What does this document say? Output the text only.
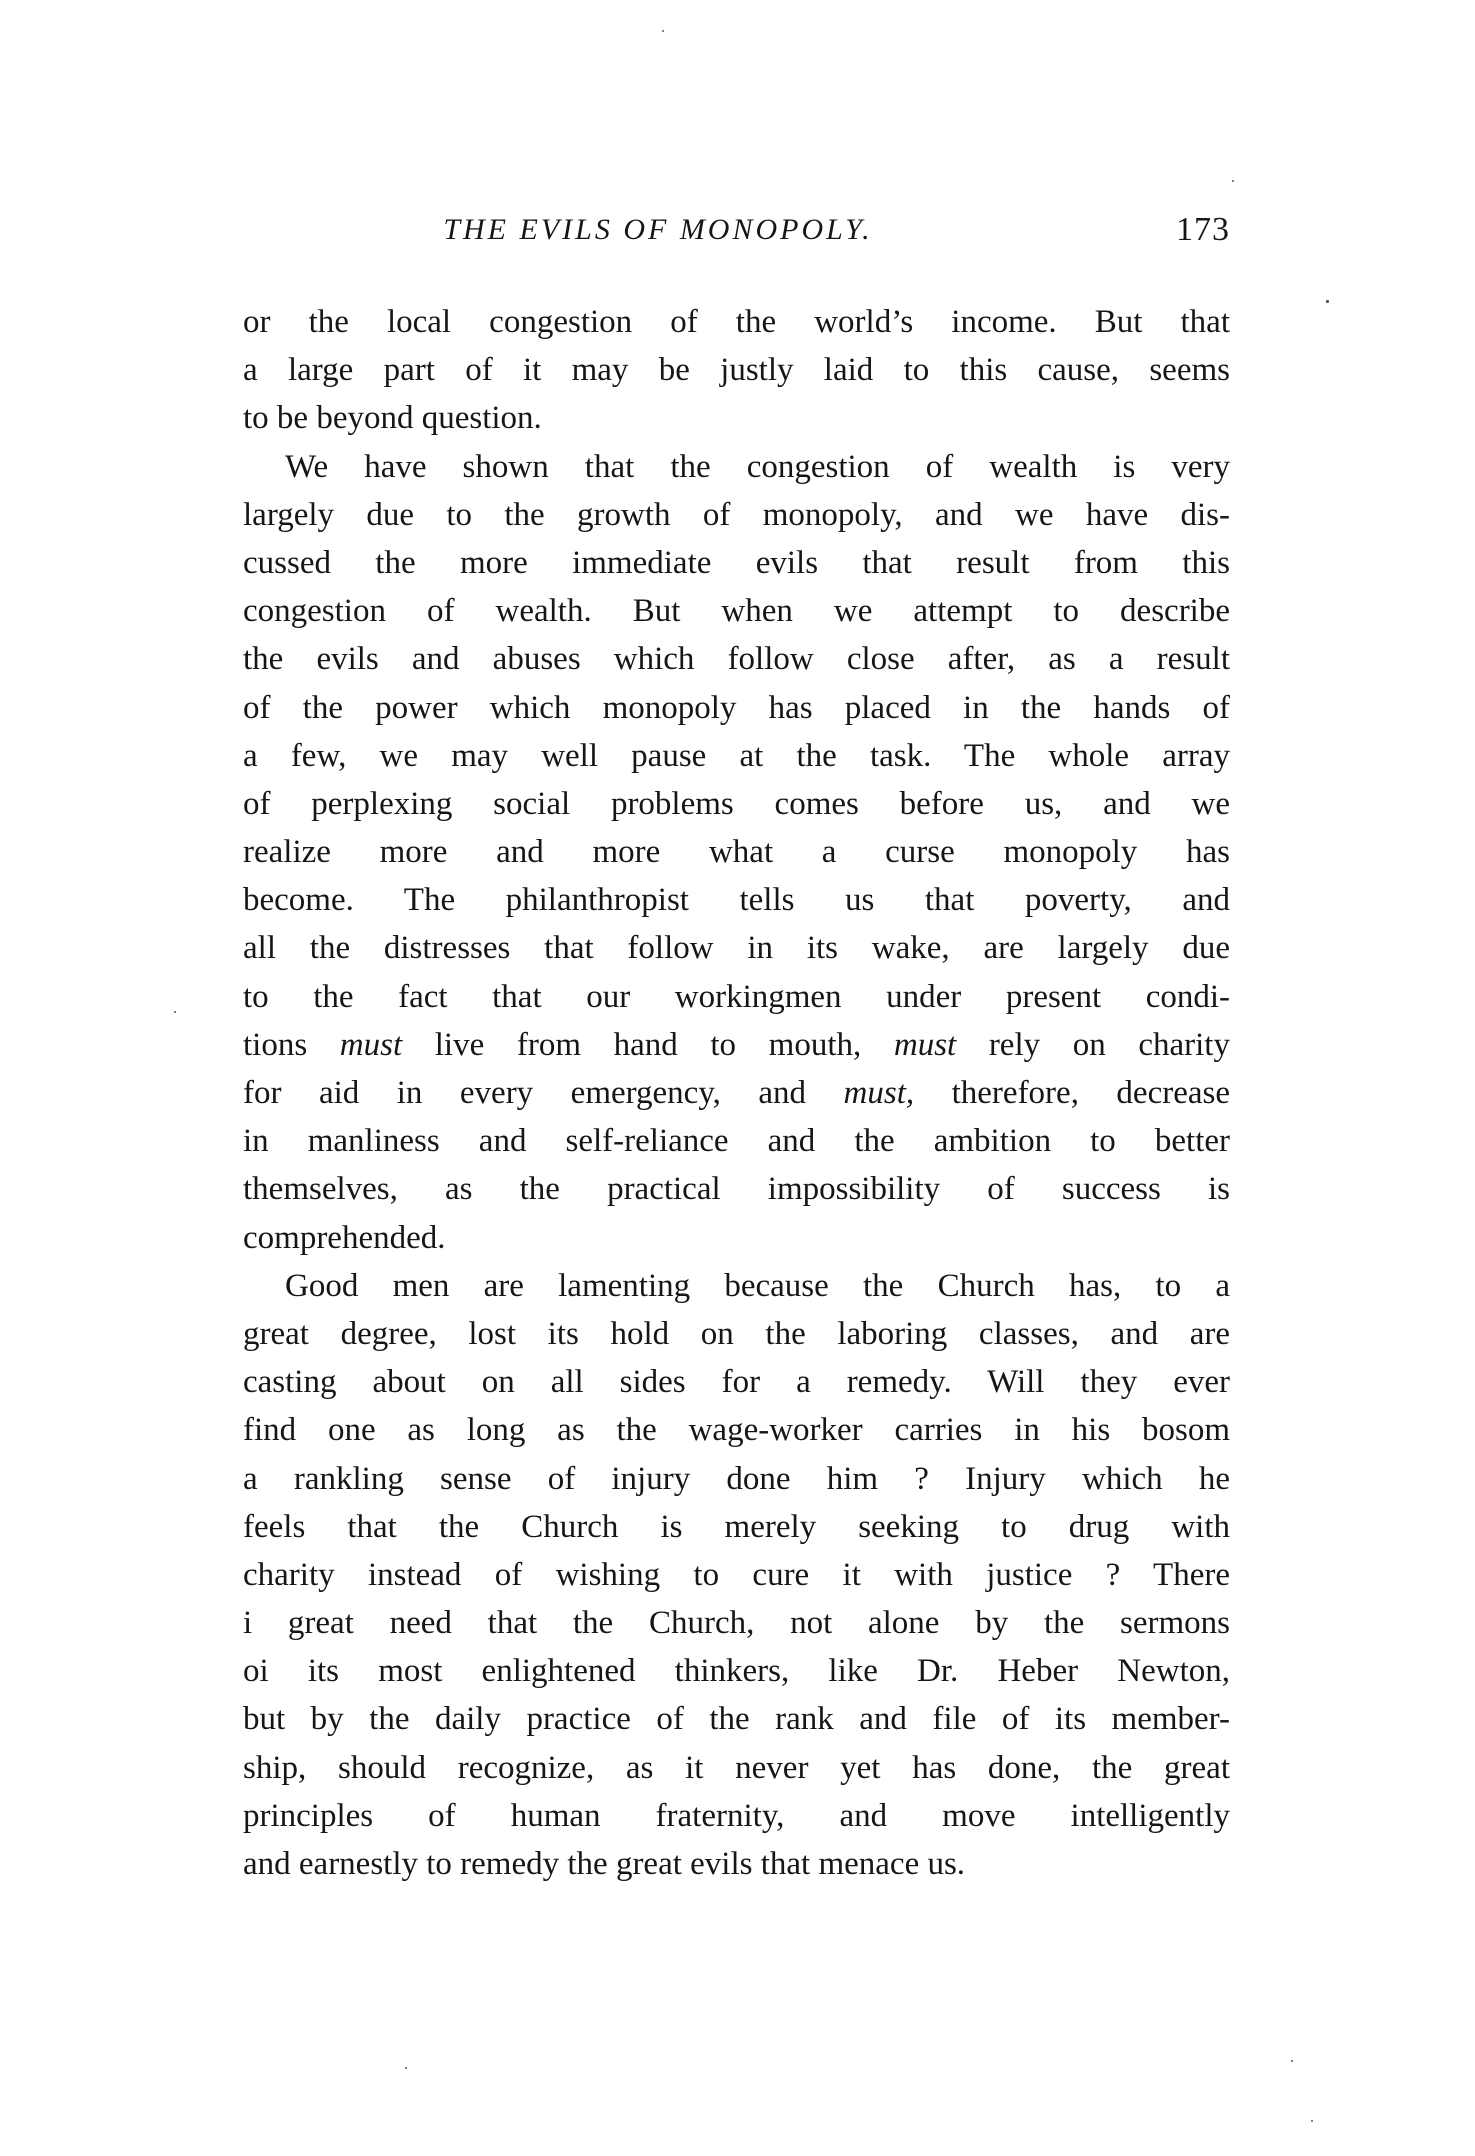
THE EVILS OF MONOPOLY.	173
or the local congestion of the world’s income. But that
a large part of it may be justly laid to this cause, seems
to be beyond question.
We have shown that the congestion of wealth is very
largely due to the growth of monopoly, and we have dis-
cussed the more immediate evils that result from this
congestion of wealth. But when we attempt to describe
the evils and abuses which follow close after, as a result
of the power which monopoly has placed in the hands of
a few, we may well pause at the task. The whole array
of perplexing social problems comes before us, and we
realize more and more what a curse monopoly has
become. The philanthropist tells us that poverty, and
all the distresses that follow in its wake, are largely due
to the fact that our workingmen under present condi-
tions must live from hand to mouth, must rely on charity
for aid in every emergency, and must, therefore, decrease
in manliness and self-reliance and the ambition to better
themselves, as the practical impossibility of success is
comprehended.
Good men are lamenting because the Church has, to a
great degree, lost its hold on the laboring classes, and are
casting about on all sides for a remedy. Will they ever
find one as long as the wage-worker carries in his bosom
a rankling sense of injury done him ? Injury which he
feels that the Church is merely seeking to drug with
charity instead of wishing to cure it with justice ? There
i great need that the Church, not alone by the sermons
oi its most enlightened thinkers, like Dr. Heber Newton,
but by the daily practice of the rank and file of its member-
ship, should recognize, as it never yet has done, the great
principles of human fraternity, and move intelligently
and earnestly to remedy the great evils that menace us.
